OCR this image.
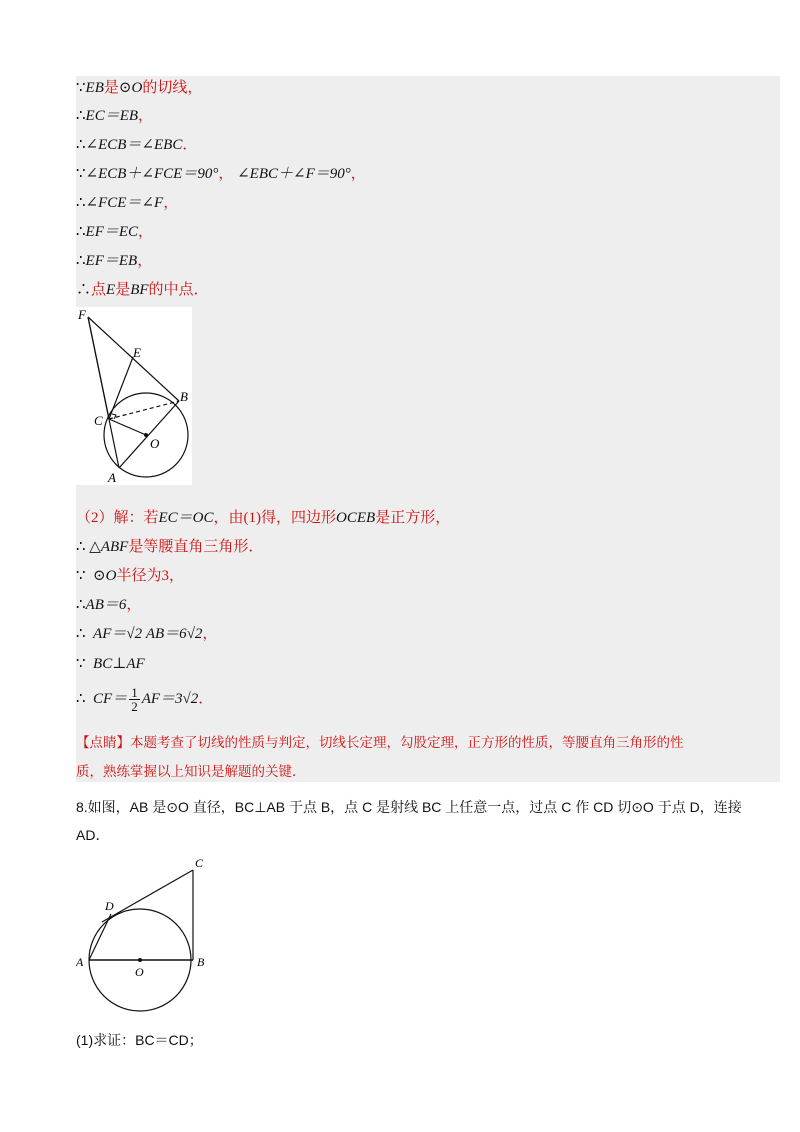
∵EB是⊙O的切线，
∴EC＝EB，
∴∠ECB＝∠EBC．
∵∠ECB＋∠FCE＝90°， ∠EBC＋∠F＝90°，
∴∠FCE＝∠F，
∴EF＝EC，
∴EF＝EB，
∴点E是BF的中点．
F
E
B
C
O
A
（2）解：若EC＝OC，由(1)得，四边形OCEB是正方形，
∴ △ABF是等腰直角三角形．
∵ ⊙O半径为3，
∴AB＝6，
∴ AF＝√2 AB＝6√2，
∵ BC⊥AF
∴ $CF= \frac{1}{2} AF=3√2$．
【点睛】本题考查了切线的性质与判定，切线长定理，勾股定理，正方形的性质，等腰直角三角形的性
质，熟练掌握以上知识是解题的关键．
8.如图，AB 是⊙O 直径，BC⊥AB 于点 B，点 C 是射线 BC 上任意一点，过点 C 作 CD 切⊙O 于点 D，连接
AD．
C
D
A
O
B
(1)求证：BC＝CD；
